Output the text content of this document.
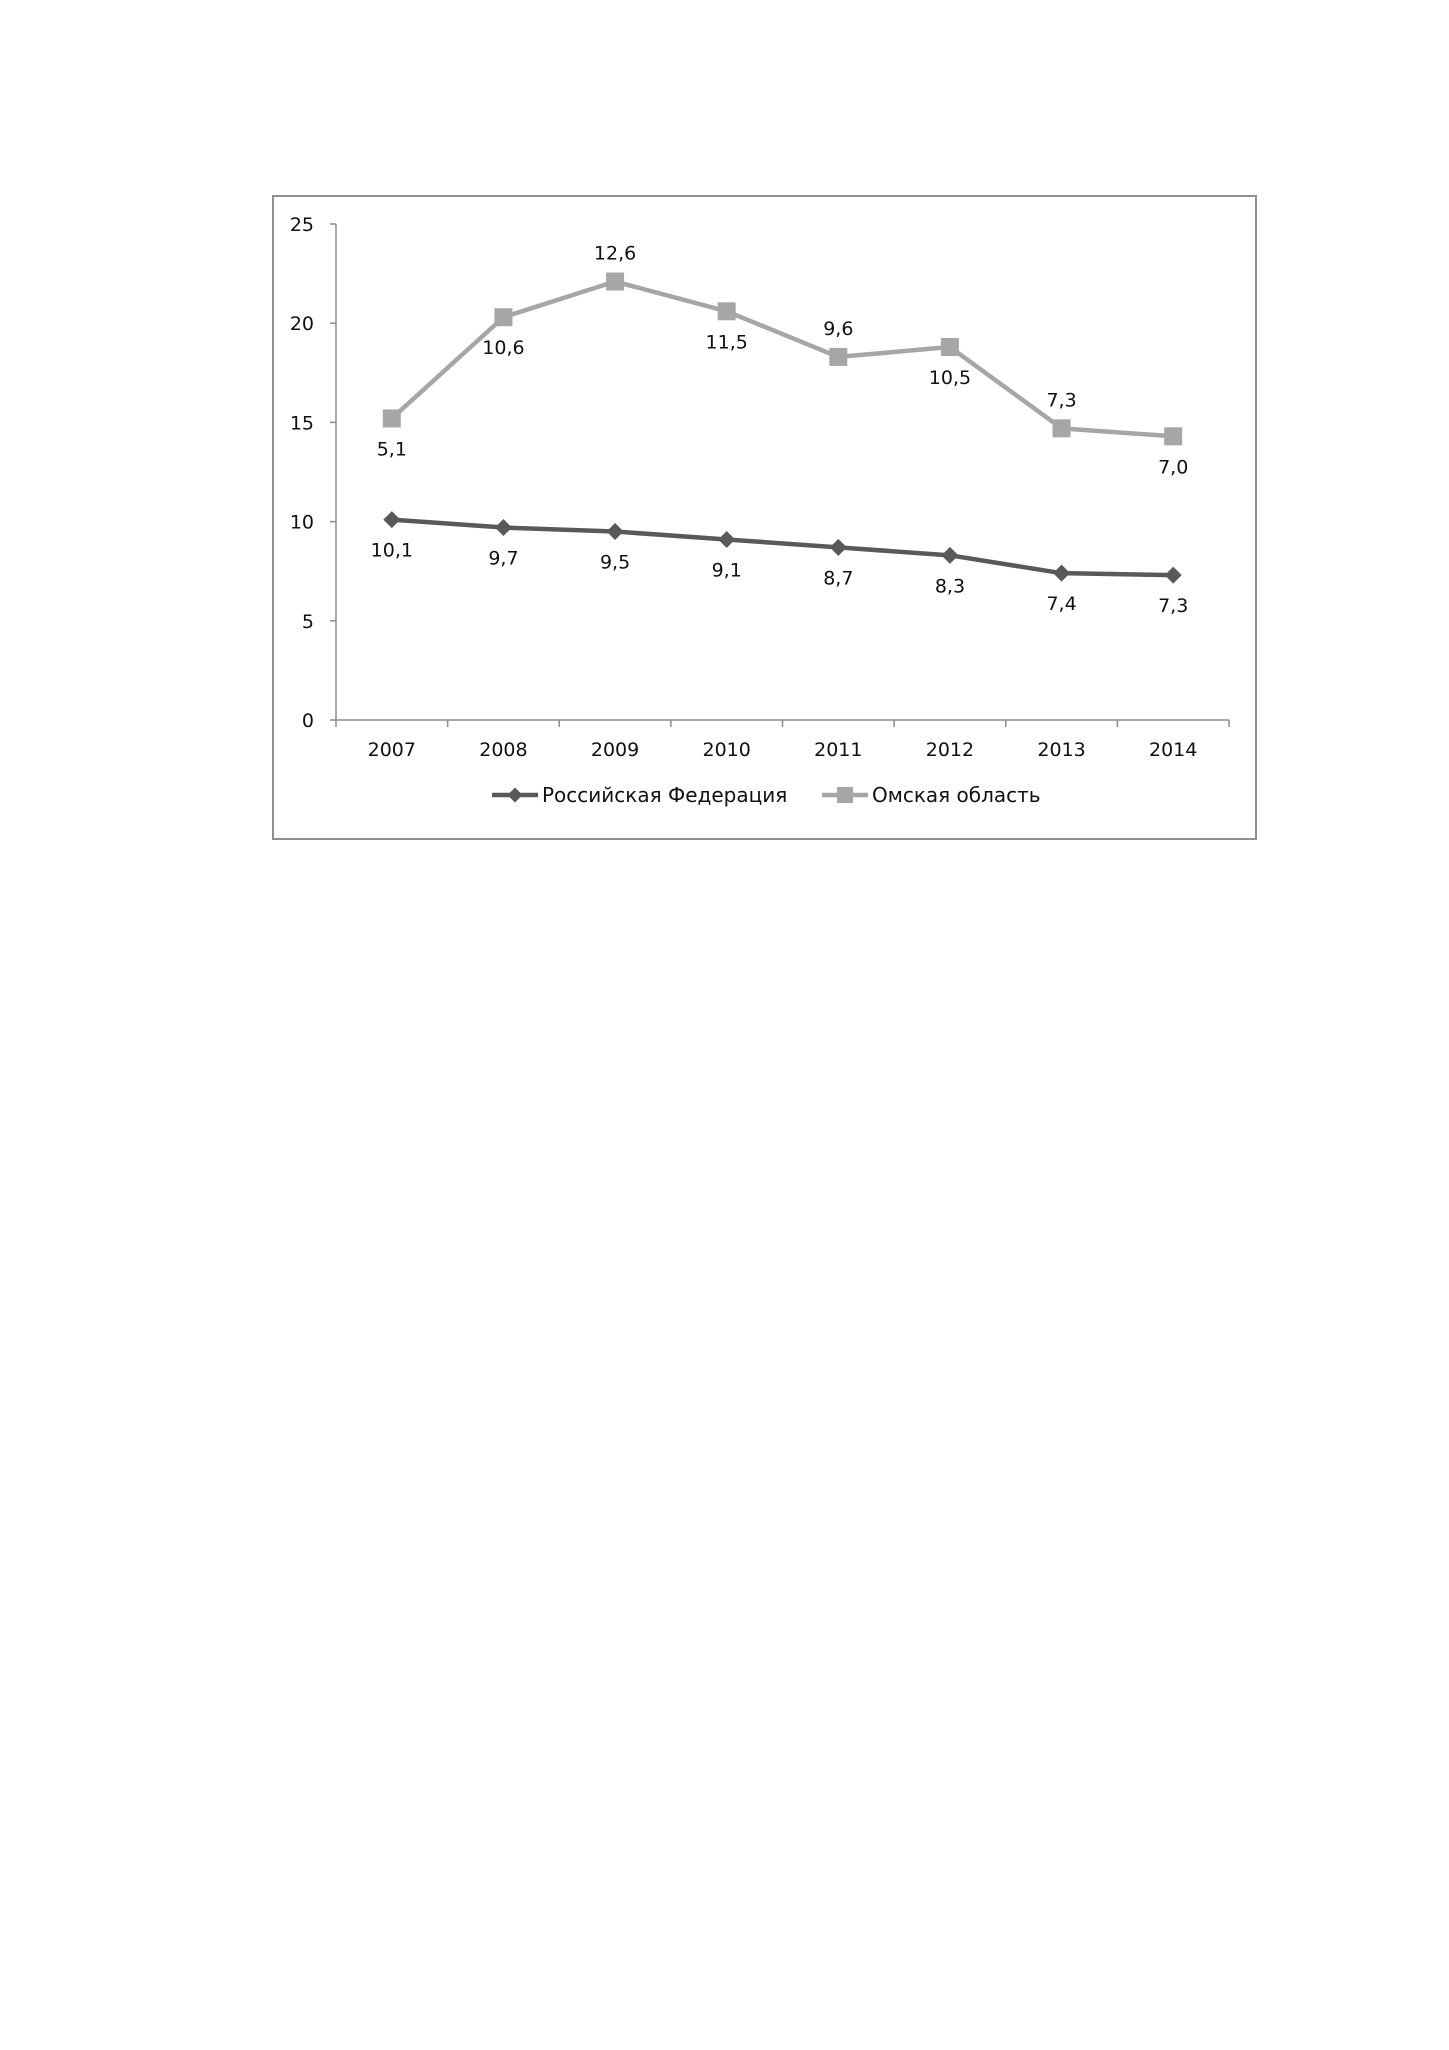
0
5
10
15
20
25
2007	2008	2009	2010	2011	2012	2013	2014
10,1	9,7	9,5	9,1	8,7	8,3
7,4	7,3
5,1
10,6
12,6
11,5
9,6
10,5
7,3
7,0
Российская Федерация	Омская область
